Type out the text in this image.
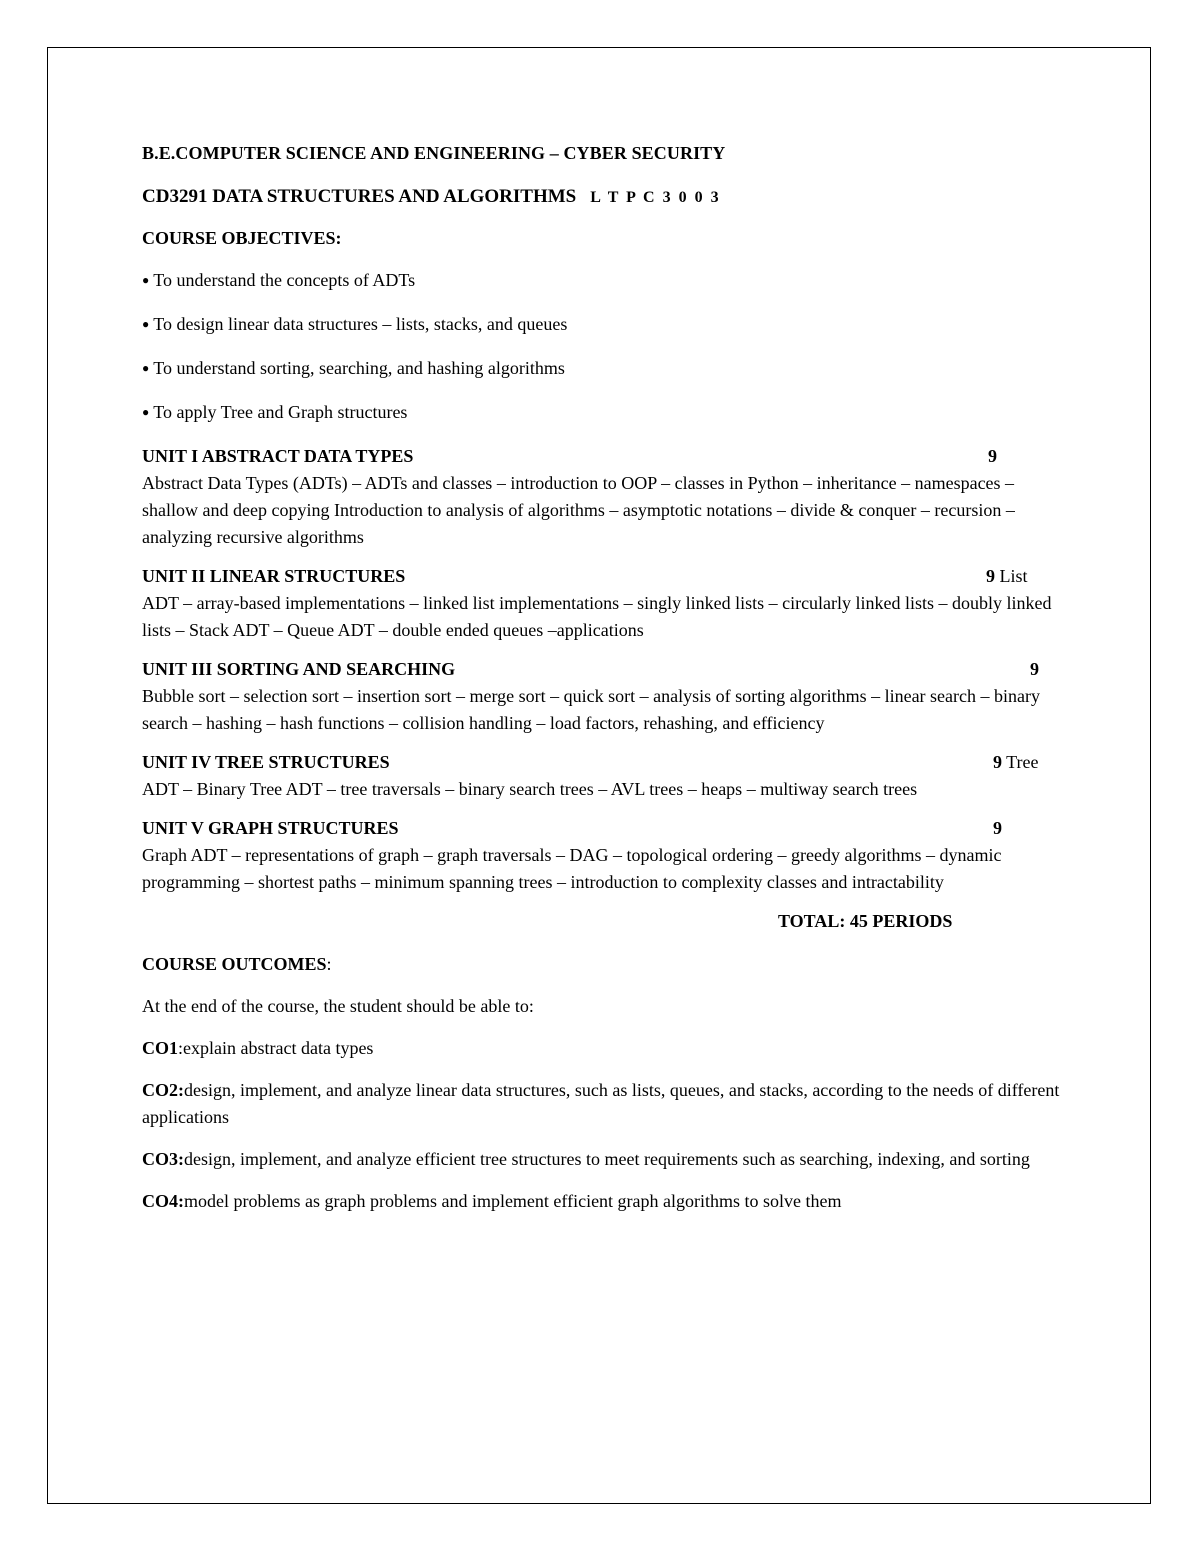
B.E.COMPUTER SCIENCE AND ENGINEERING – CYBER SECURITY
CD3291 DATA STRUCTURES AND ALGORITHMS L T P C 3 0 0 3
COURSE OBJECTIVES:
● To understand the concepts of ADTs
● To design linear data structures – lists, stacks, and queues
● To understand sorting, searching, and hashing algorithms
● To apply Tree and Graph structures
UNIT I ABSTRACT DATA TYPES	9
Abstract Data Types (ADTs) – ADTs and classes – introduction to OOP – classes in Python – inheritance – namespaces – shallow and deep copying Introduction to analysis of algorithms – asymptotic notations – divide & conquer – recursion – analyzing recursive algorithms
UNIT II LINEAR STRUCTURES	9 List
ADT – array-based implementations – linked list implementations – singly linked lists – circularly linked lists – doubly linked lists – Stack ADT – Queue ADT – double ended queues –applications
UNIT III SORTING AND SEARCHING	9
Bubble sort – selection sort – insertion sort – merge sort – quick sort – analysis of sorting algorithms – linear search – binary search – hashing – hash functions – collision handling – load factors, rehashing, and efficiency
UNIT IV TREE STRUCTURES	9 Tree
ADT – Binary Tree ADT – tree traversals – binary search trees – AVL trees – heaps – multiway search trees
UNIT V GRAPH STRUCTURES	9
Graph ADT – representations of graph – graph traversals – DAG – topological ordering – greedy algorithms – dynamic programming – shortest paths – minimum spanning trees – introduction to complexity classes and intractability
TOTAL: 45 PERIODS
COURSE OUTCOMES:
At the end of the course, the student should be able to:
CO1:explain abstract data types
CO2:design, implement, and analyze linear data structures, such as lists, queues, and stacks, according to the needs of different applications
CO3:design, implement, and analyze efficient tree structures to meet requirements such as searching, indexing, and sorting
CO4:model problems as graph problems and implement efficient graph algorithms to solve them
